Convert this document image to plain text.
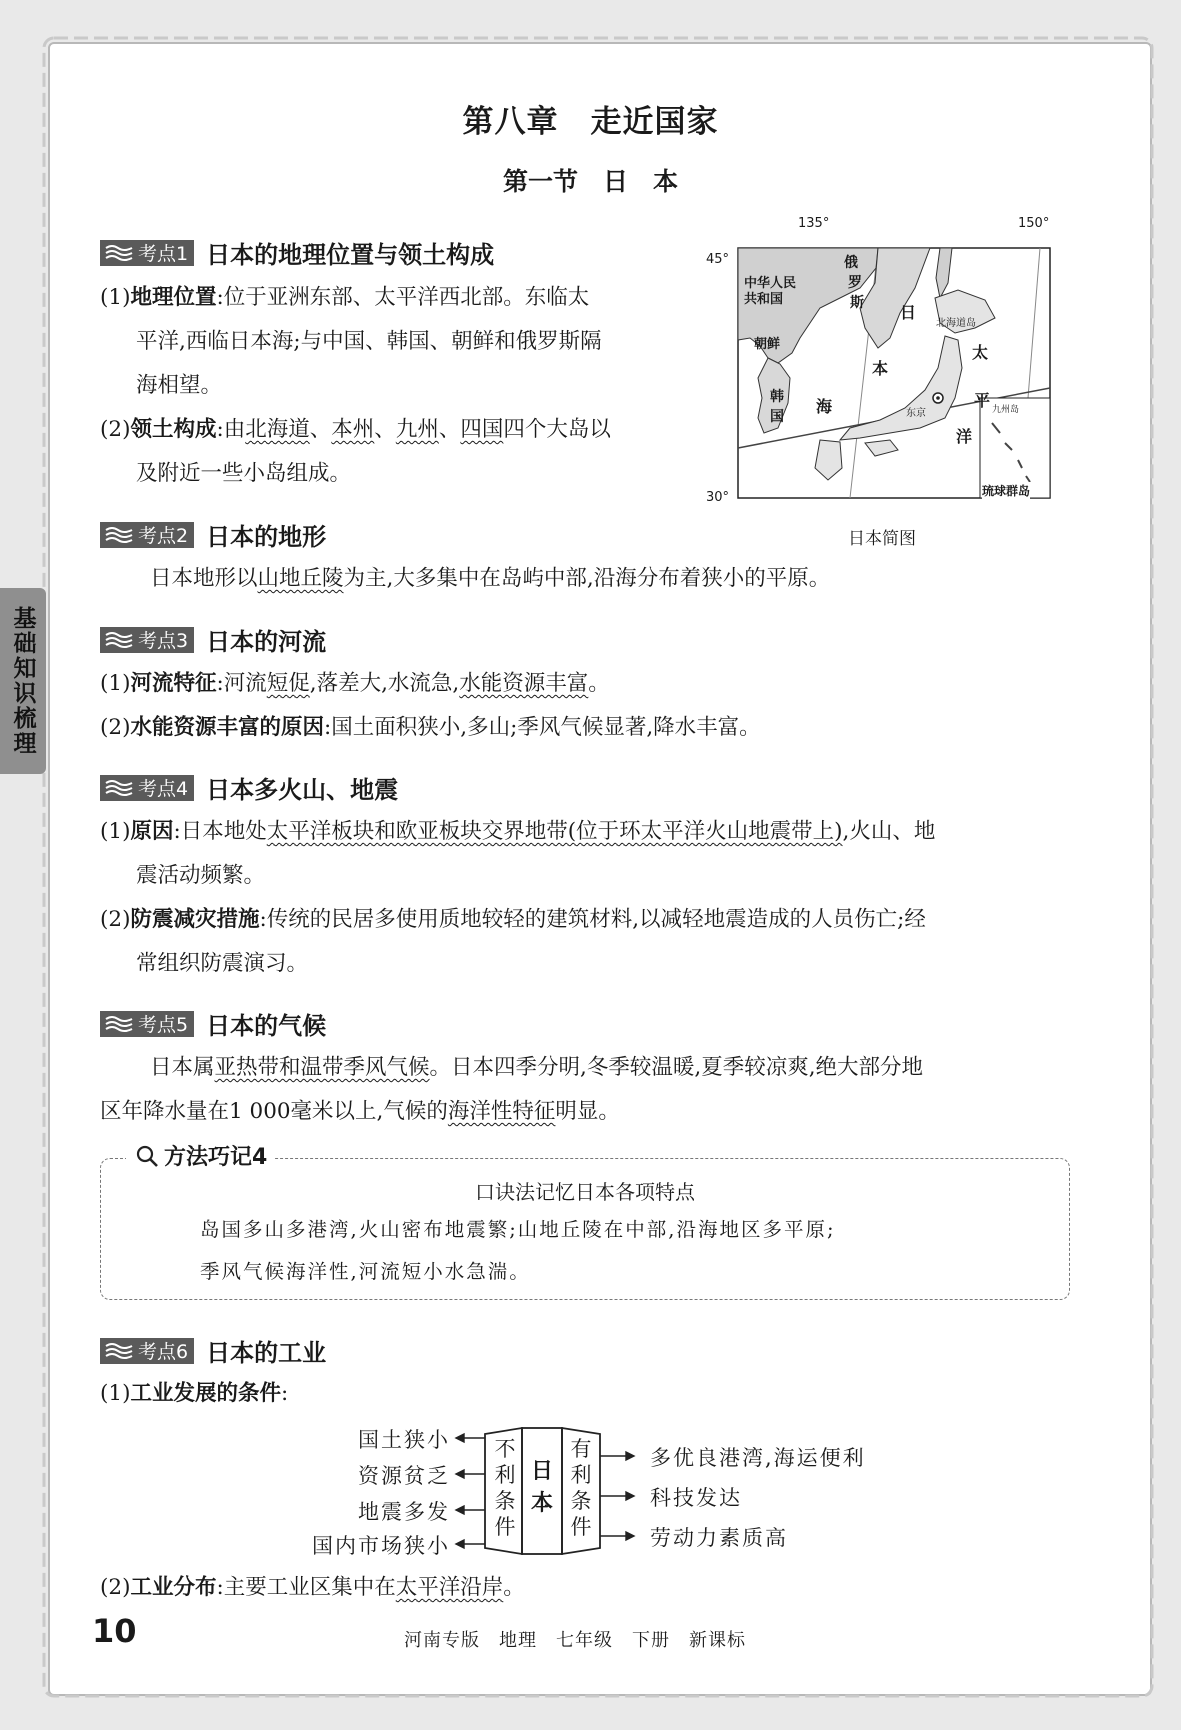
基础知识梳理
第八章　走近国家
第一节　日　本
考点1 日本的地理位置与领土构成
(1)地理位置:位于亚洲东部、太平洋西北部。东临太
平洋,西临日本海;与中国、韩国、朝鲜和俄罗斯隔
海相望。
(2)领土构成:由北海道、本州、九州、四国四个大岛以
及附近一些小岛组成。
135°	150°
45°
30°
中华人民
共和国
俄
罗
斯
朝鲜
韩
国
日
本
海
太
平
洋
北海道岛
东京	九州岛
琉球群岛
日本简图
考点2 日本的地形
日本地形以山地丘陵为主,大多集中在岛屿中部,沿海分布着狭小的平原。
考点3 日本的河流
(1)河流特征:河流短促,落差大,水流急,水能资源丰富。
(2)水能资源丰富的原因:国土面积狭小,多山;季风气候显著,降水丰富。
考点4 日本多火山、地震
(1)原因:日本地处太平洋板块和欧亚板块交界地带(位于环太平洋火山地震带上),火山、地
震活动频繁。
(2)防震减灾措施:传统的民居多使用质地较轻的建筑材料,以减轻地震造成的人员伤亡;经
常组织防震演习。
考点5 日本的气候
日本属亚热带和温带季风气候。日本四季分明,冬季较温暖,夏季较凉爽,绝大部分地
区年降水量在1 000毫米以上,气候的海洋性特征明显。
方法巧记4
口诀法记忆日本各项特点
岛国多山多港湾,火山密布地震繁;山地丘陵在中部,沿海地区多平原;
季风气候海洋性,河流短小水急湍。
考点6 日本的工业
(1)工业发展的条件:
国土狭小
资源贫乏
地震多发
国内市场狭小
不
利
条
件
日
本
有
利
条
件
多优良港湾,海运便利
科技发达
劳动力素质高
(2)工业分布:主要工业区集中在太平洋沿岸。
10	河南专版　地理　七年级　下册　新课标
